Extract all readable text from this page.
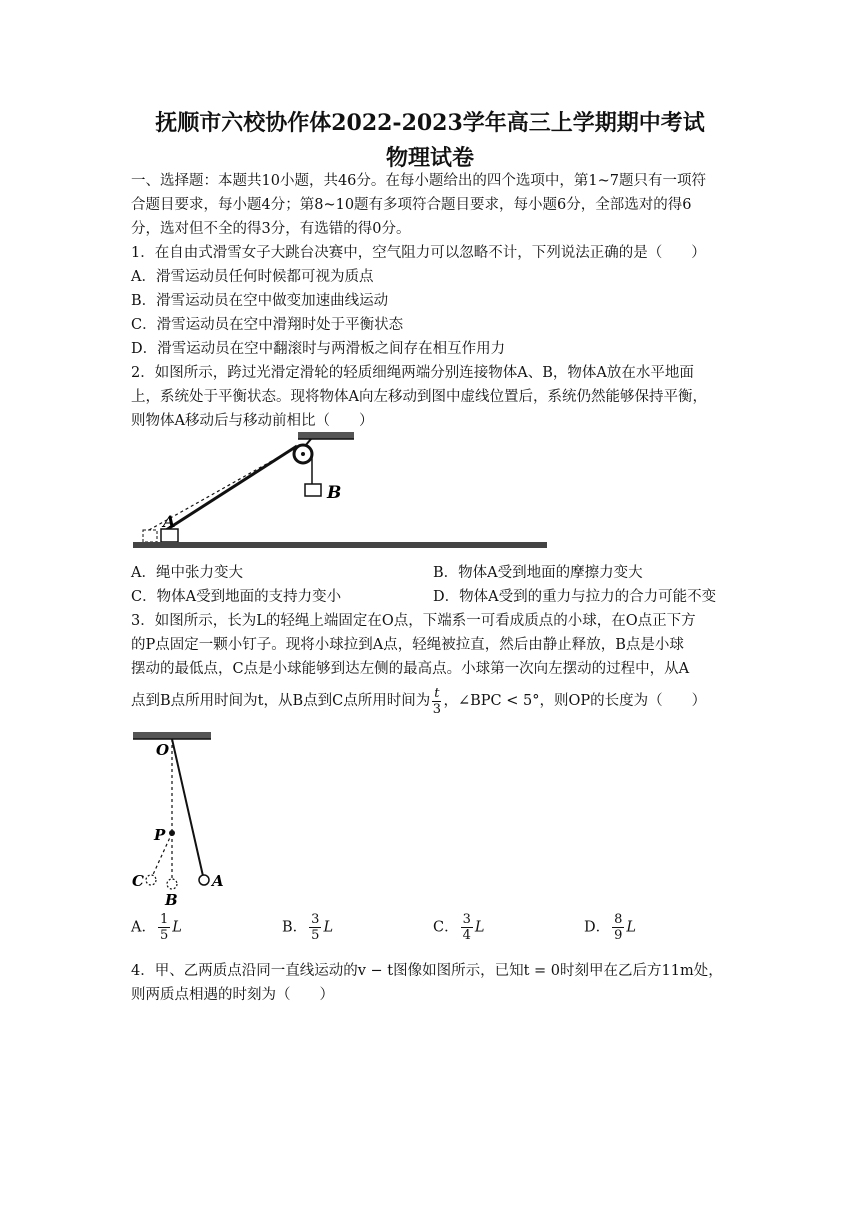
抚顺市六校协作体2022-2023学年高三上学期期中考试
物理试卷
一、选择题：本题共10小题，共46分。在每小题给出的四个选项中，第1~7题只有一项符
合题目要求，每小题4分；第8~10题有多项符合题目要求，每小题6分，全部选对的得6
分，选对但不全的得3分，有选错的得0分。
1．在自由式滑雪女子大跳台决赛中，空气阻力可以忽略不计，下列说法正确的是（　　）
A．滑雪运动员任何时候都可视为质点
B．滑雪运动员在空中做变加速曲线运动
C．滑雪运动员在空中滑翔时处于平衡状态
D．滑雪运动员在空中翻滚时与两滑板之间存在相互作用力
2．如图所示，跨过光滑定滑轮的轻质细绳两端分别连接物体A、B，物体A放在水平地面
上，系统处于平衡状态。现将物体A向左移动到图中虚线位置后，系统仍然能够保持平衡，
则物体A移动后与移动前相比（　　）
B
A
A．绳中张力变大	B．物体A受到地面的摩擦力变大
C．物体A受到地面的支持力变小	D．物体A受到的重力与拉力的合力可能不变
3．如图所示，长为L的轻绳上端固定在O点，下端系一可看成质点的小球，在O点正下方
的P点固定一颗小钉子。现将小球拉到A点，轻绳被拉直，然后由静止释放，B点是小球
摆动的最低点，C点是小球能够到达左侧的最高点。小球第一次向左摆动的过程中，从A
点到B点所用时间为t，从B点到C点所用时间为 $\frac{t}{3}$ ，∠BPC < 5°，则OP的长度为（　　）
O
P
C
B
A
A． $\frac{1}{5}$ L	B． $\frac{3}{5}$ L	C． $\frac{3}{4}$ L	D． $\frac{8}{9}$ L
4．甲、乙两质点沿同一直线运动的v − t图像如图所示，已知t = 0时刻甲在乙后方11m处，
则两质点相遇的时刻为（　　）
